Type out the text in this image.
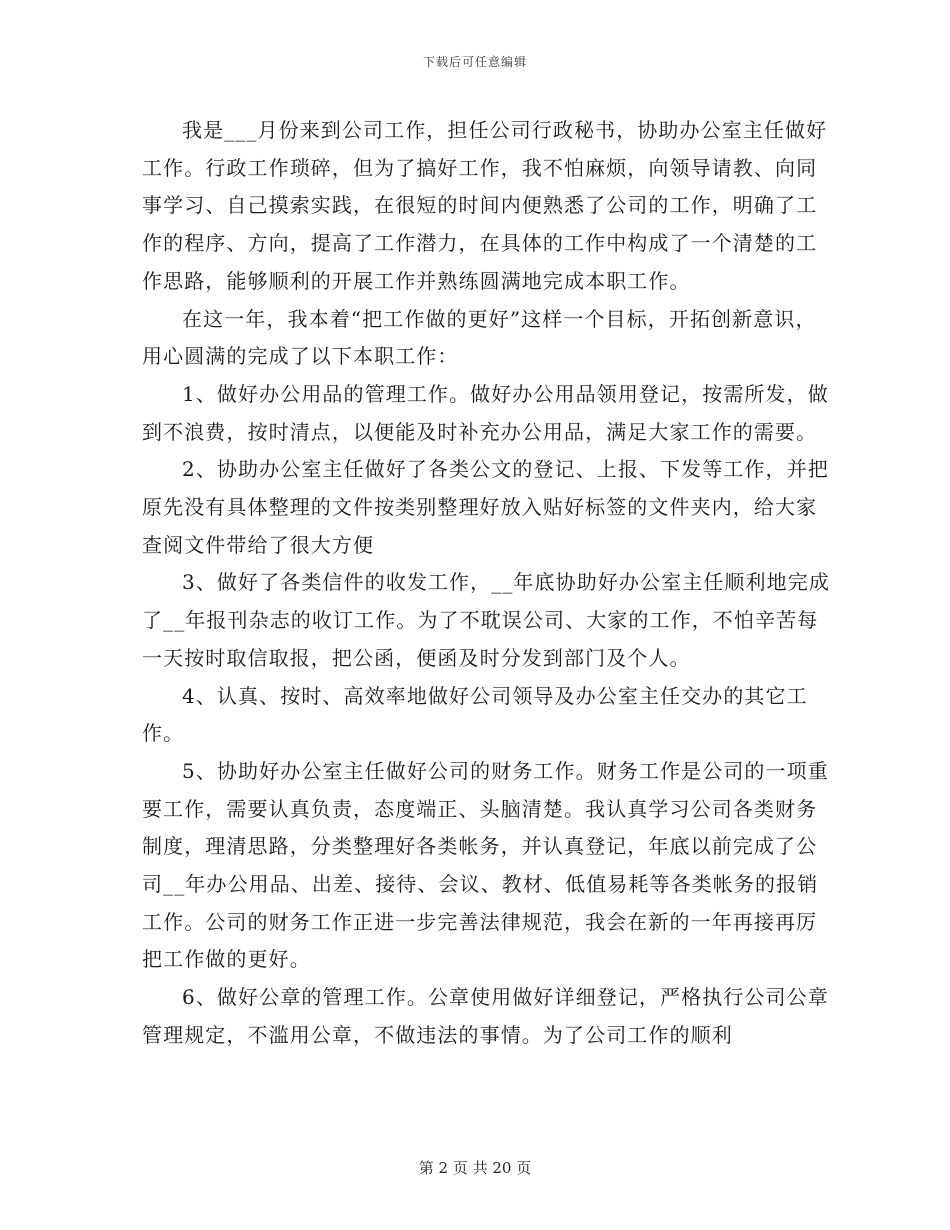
下载后可任意编辑

我是___月份来到公司工作，担任公司行政秘书，协助办公室主任做好工作。行政工作琐碎，但为了搞好工作，我不怕麻烦，向领导请教、向同事学习、自己摸索实践，在很短的时间内便熟悉了公司的工作，明确了工作的程序、方向，提高了工作潜力，在具体的工作中构成了一个清楚的工作思路，能够顺利的开展工作并熟练圆满地完成本职工作。

在这一年，我本着“把工作做的更好”这样一个目标，开拓创新意识，用心圆满的完成了以下本职工作：

1、做好办公用品的管理工作。做好办公用品领用登记，按需所发，做到不浪费，按时清点，以便能及时补充办公用品，满足大家工作的需要。

2、协助办公室主任做好了各类公文的登记、上报、下发等工作，并把原先没有具体整理的文件按类别整理好放入贴好标签的文件夹内，给大家查阅文件带给了很大方便

3、做好了各类信件的收发工作，__年底协助好办公室主任顺利地完成了__年报刊杂志的收订工作。为了不耽误公司、大家的工作，不怕辛苦每一天按时取信取报，把公函，便函及时分发到部门及个人。

4、认真、按时、高效率地做好公司领导及办公室主任交办的其它工作。

5、协助好办公室主任做好公司的财务工作。财务工作是公司的一项重要工作，需要认真负责，态度端正、头脑清楚。我认真学习公司各类财务制度，理清思路，分类整理好各类帐务，并认真登记，年底以前完成了公司__年办公用品、出差、接待、会议、教材、低值易耗等各类帐务的报销工作。公司的财务工作正进一步完善法律规范，我会在新的一年再接再厉把工作做的更好。

6、做好公章的管理工作。公章使用做好详细登记，严格执行公司公章管理规定，不滥用公章，不做违法的事情。为了公司工作的顺利

第 2 页 共 20 页
